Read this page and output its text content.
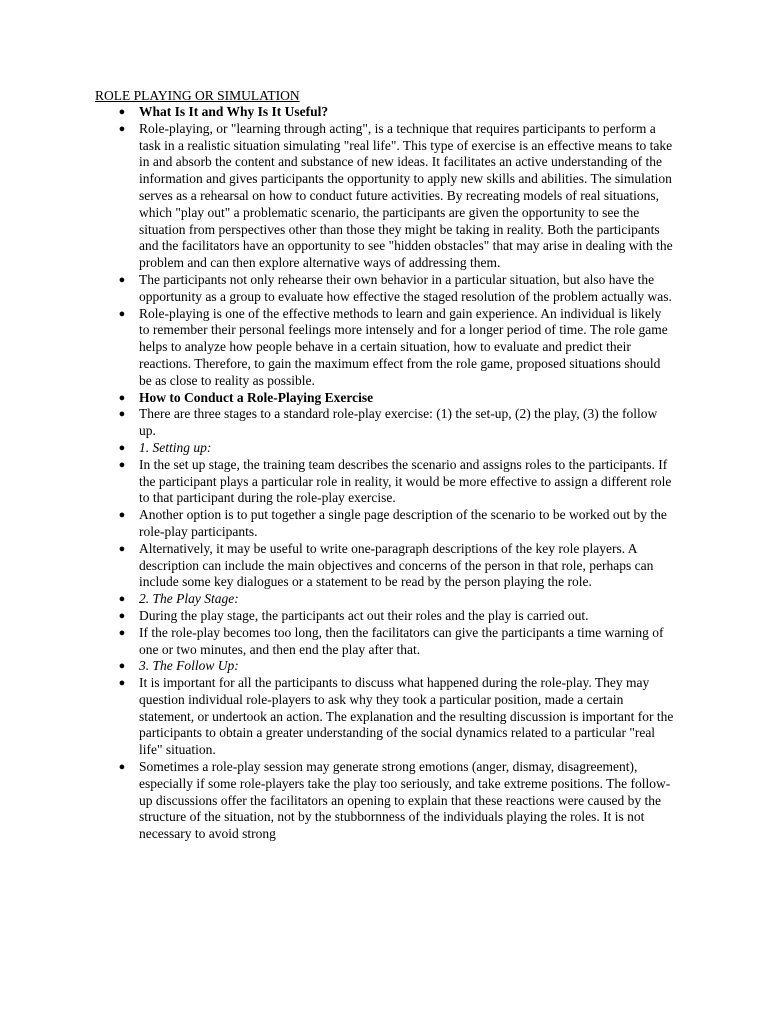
ROLE PLAYING OR SIMULATION
● What Is It and Why Is It Useful?
● Role-playing, or "learning through acting", is a technique that requires participants to perform a task in a realistic situation simulating "real life". This type of exercise is an effective means to take in and absorb the content and substance of new ideas. It facilitates an active understanding of the information and gives participants the opportunity to apply new skills and abilities. The simulation serves as a rehearsal on how to conduct future activities. By recreating models of real situations, which "play out" a problematic scenario, the participants are given the opportunity to see the situation from perspectives other than those they might be taking in reality. Both the participants and the facilitators have an opportunity to see "hidden obstacles" that may arise in dealing with the problem and can then explore alternative ways of addressing them.
● The participants not only rehearse their own behavior in a particular situation, but also have the opportunity as a group to evaluate how effective the staged resolution of the problem actually was.
● Role-playing is one of the effective methods to learn and gain experience. An individual is likely to remember their personal feelings more intensely and for a longer period of time. The role game helps to analyze how people behave in a certain situation, how to evaluate and predict their reactions. Therefore, to gain the maximum effect from the role game, proposed situations should be as close to reality as possible.
● How to Conduct a Role-Playing Exercise
● There are three stages to a standard role-play exercise: (1) the set-up, (2) the play, (3) the follow up.
● 1. Setting up:
● In the set up stage, the training team describes the scenario and assigns roles to the participants. If the participant plays a particular role in reality, it would be more effective to assign a different role to that participant during the role-play exercise.
● Another option is to put together a single page description of the scenario to be worked out by the role-play participants.
● Alternatively, it may be useful to write one-paragraph descriptions of the key role players. A description can include the main objectives and concerns of the person in that role, perhaps can include some key dialogues or a statement to be read by the person playing the role.
● 2. The Play Stage:
● During the play stage, the participants act out their roles and the play is carried out.
● If the role-play becomes too long, then the facilitators can give the participants a time warning of one or two minutes, and then end the play after that.
● 3. The Follow Up:
● It is important for all the participants to discuss what happened during the role-play. They may question individual role-players to ask why they took a particular position, made a certain statement, or undertook an action. The explanation and the resulting discussion is important for the participants to obtain a greater understanding of the social dynamics related to a particular "real life" situation.
● Sometimes a role-play session may generate strong emotions (anger, dismay, disagreement), especially if some role-players take the play too seriously, and take extreme positions. The follow-up discussions offer the facilitators an opening to explain that these reactions were caused by the structure of the situation, not by the stubbornness of the individuals playing the roles. It is not necessary to avoid strong
